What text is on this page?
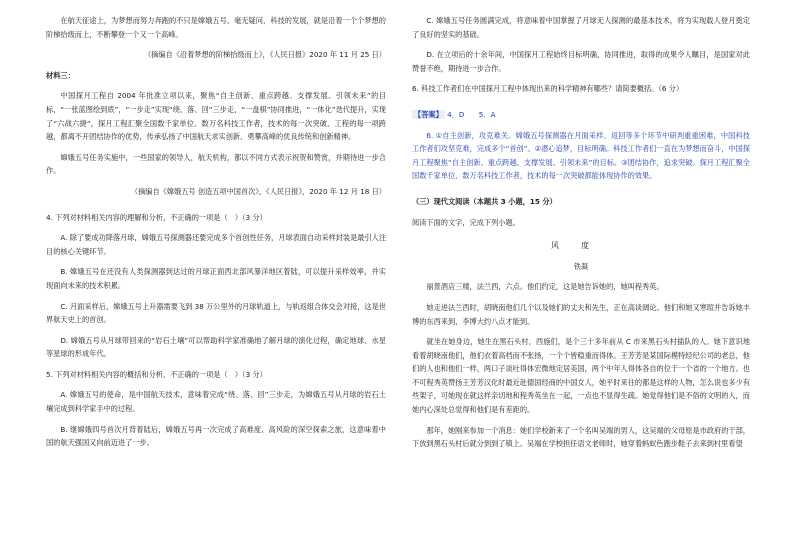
在航天征途上，为梦想而努力奔跑的不只是嫦娥五号。毫无疑问，科技的发展，就是沿着一个个梦想的阶梯拾级而上，不断攀登一个又一个高峰。

（摘编自《沿着梦想的阶梯拾级而上》，《人民日报》2020 年 11 月 25 日）

材料三：

中国探月工程自 2004 年批准立项以来，聚焦“自主创新、重点跨越、支撑发展、引领未来”的目标，“一张蓝图绘到底”，“一步走”实现“绕、落、回”三步走，“一盘棋”协同推进，“一体化”迭代提升，实现了“六战六捷”，探月工程汇聚全国数千家单位、数万名科技工作者，技术的每一次突破、工程的每一项跨越，都离不开团结协作的优势，传承弘扬了中国航天求实创新、勇攀高峰的优良传统和创新精神。

嫦娥五号任务实施中，一些国家的领导人，航天机构，都以不同方式表示祝贺和赞赏，并期待进一步合作。

（摘编自《嫦娥五号 创造五项中国首次》，《人民日报》，2020 年 12 月 18 日）

4. 下列对材料相关内容的理解和分析，不正确的一项是（　）（3 分）

A. 除了要成功降落月球，嫦娥五号探测器还要完成多个首创性任务，月球表面自动采样封装是最引人注目的核心关键环节。

B. 嫦娥五号在还没有人类探测器到达过的月球正面西北部风暴洋地区着陆，可以提升采样效率，并实现面向未来的技术积累。

C. 月面采样后，嫦娥五号上升器需要飞到 38 万公里外的月球轨道上，与轨返组合体交会对接，这是世界航天史上的首创。

D. 嫦娥五号从月球带回来的“岩石土壤”可以帮助科学家准确地了解月球的演化过程，确定地球、水星等星球的形成年代。

5. 下列对材料相关内容的概括和分析，不正确的一项是（　）（3 分）

A. 嫦娥五号的使命，是中国航天技术，意味着完成“绕、落、回”三步走，为嫦娥五号从月球的岩石土壤完成到科学家手中的过程。

B. 继嫦娥四号首次月背着陆后，嫦娥五号再一次完成了高难度、高风险的深空探索之旅，这意味着中国的航天强国又向前迈进了一步。

C. 嫦娥五号任务圆满完成，将意味着中国掌握了月球无人探测的最基本技术，将为实现载人登月奠定了良好的坚实的基础。

D. 在立项后的十余年间，中国探月工程始终目标明确，协同推进，取得的成果令人瞩目，是国家对此赞誉不绝，期待进一步合作。

6. 科技工作者们在中国探月工程中体现出来的科学精神有哪些？请简要概括。（6 分）

【答案】 4．D　　5．A

6. ①自主创新，攻克难关。嫦娥五号探测器在月面采样、返回等多个环节中研判重重困难，中国科技工作者们攻坚克难，完成多个“首创”。②潜心追梦，目标明确。科技工作者们一直在为梦想而奋斗，中国探月工程聚焦“自主创新、重点跨越、支撑发展、引领未来”的目标。③团结协作，追求突破。探月工程汇聚全国数千家单位、数万名科技工作者，技术的每一次突破都能体现协作的效果。

（三）现代文阅读（本题共 3 小题，15 分）

阅读下面的文字，完成下列小题。

风度

铁凝

丽景酒店三楼，法兰西，六点。他们约定，这是她告诉她的，她叫程秀英。

她走进法兰西时，胡晓南他们几个以及她们的丈夫和先生，正在高谈阔论。他们和她又寒暄并告诉她丰博的东西来到，李博大约八点才能到。

就坐在她身边，她生在黑石头村，西施们，是个三十多年前从 C 市来黑石头村插队的人。她下意识地看着胡晓南他们，他们衣着高档而不张扬，一个个皆稳重而得体。王芳芳是某国际模特经纪公司的老总，他们的人也和他们一样，两口子谈吐得体宏微地定居美国，两个中年人得体各自的位于一个省的一个地方。也不可程秀英赞扬王芳芳汉化时最近赴德国经商的中国女人，她平时来往的都是这样的人物，怎么说也多少有些架子，可她现在就这样亲切地和程秀英坐在一起，一点也不显得生疏。她觉得他们是不俗的文明的人，而她内心深处总觉得和他们是有差距的。

那年，她刚来参加一个消息：她们学校新来了一个名叫吴端的男人，这吴端的父母原是市政府的干部，下放到黑石头村后就分到到了镇上。吴端在学校担任语文老师时，她穿着蚂蚁色跑步鞋子去来到村里看望
